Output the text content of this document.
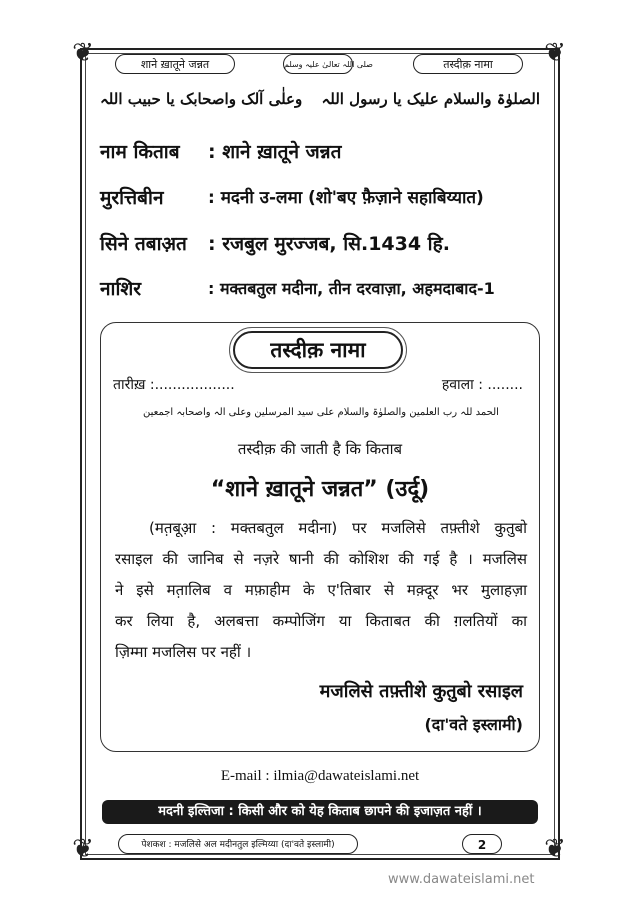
❦	❦
❦	❦
शाने ख़ातूने जन्नत	صلی اللہ تعالیٰ علیہ وسلم	तस्दीक़ नामा
الصلوٰۃ والسلام علیک یا رسول اللہ
وعلٰی آلک واصحابک یا حبیب اللہ
नाम किताब : शाने ख़ातूने जन्नत
मुरत्तिबीन	: मदनी उ-लमा (शो'बए फ़ैज़ाने सहाबिय्यात)
सिने तबाअ़त : रजबुल मुरज्जब, सि.1434 हि.
नाशिर	: मक्तबतुल मदीना, तीन दरवाज़ा, अहमदाबाद-1
तस्दीक़ नामा
तारीख़ :..................	हवाला : ........
الحمد للہ رب العلمین والصلوٰۃ والسلام علی سید المرسلین وعلی الہ واصحابہ اجمعین
तस्दीक़ की जाती है कि किताब
“शाने ख़ातूने जन्नत” (उर्दू)
(मत़बूआ़ : मक्तबतुल मदीना) पर मजलिसे तफ़्तीशे कुतुबो
रसाइल की जानिब से नज़रे षानी की कोशिश की गई है । मजलिस
ने इसे मत़ालिब व मफ़ाहीम के ए'तिबार से मक़्दूर भर मुलाहज़ा
कर लिया है, अलबत्ता कम्पोजिंग या किताबत की ग़लतियों का
ज़िम्मा मजलिस पर नहीं ।
मजलिसे तफ़्तीशे कुतुबो रसाइल
(दा'वते इस्लामी)
E-mail : ilmia@dawateislami.net
मदनी इल्तिजा : किसी और को येह किताब छापने की इजाज़त नहीं ।
पेशकश : मजलिसे अल मदीनतुल इल्मिय्या (दा'वते इस्लामी)	2
www.dawateislami.net
